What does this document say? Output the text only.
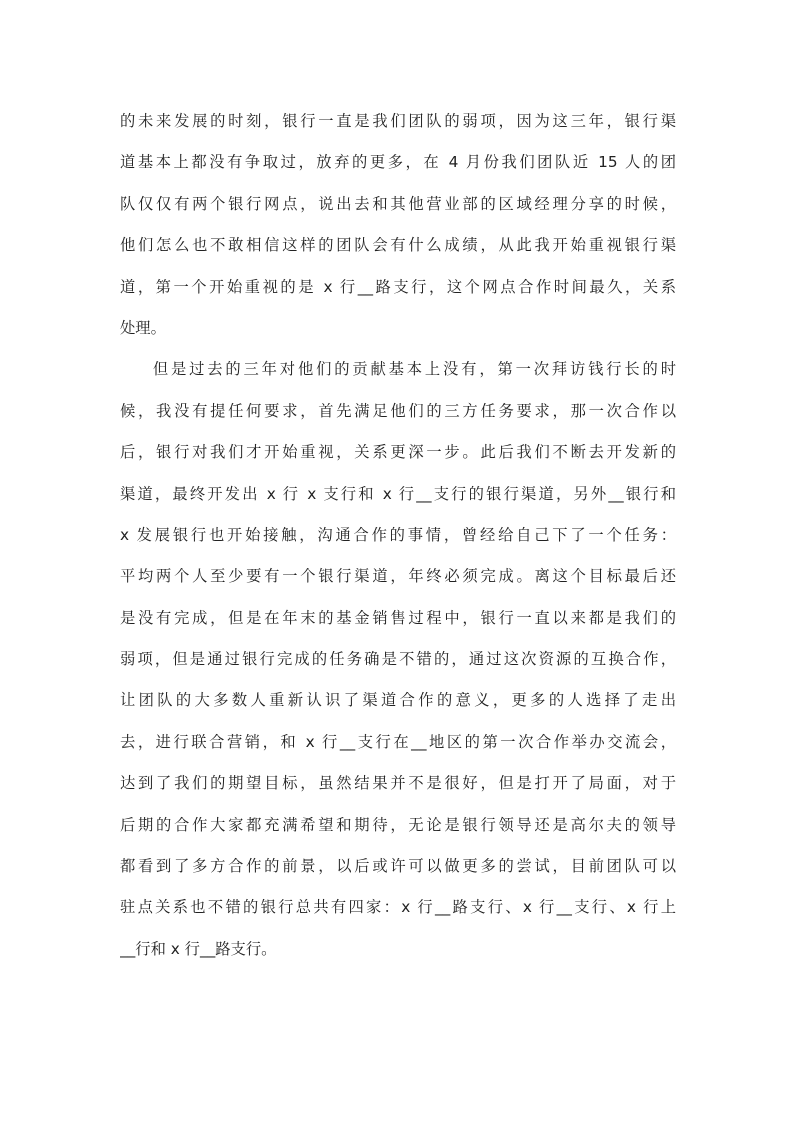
的未来发展的时刻，银行一直是我们团队的弱项，因为这三年，银行渠
道基本上都没有争取过，放弃的更多，在 4 月份我们团队近 15 人的团
队仅仅有两个银行网点，说出去和其他营业部的区域经理分享的时候，
他们怎么也不敢相信这样的团队会有什么成绩，从此我开始重视银行渠
道，第一个开始重视的是 x 行__路支行，这个网点合作时间最久，关系
处理。
但是过去的三年对他们的贡献基本上没有，第一次拜访钱行长的时
候，我没有提任何要求，首先满足他们的三方任务要求，那一次合作以
后，银行对我们才开始重视，关系更深一步。此后我们不断去开发新的
渠道，最终开发出 x 行 x 支行和 x 行__支行的银行渠道，另外__银行和
x 发展银行也开始接触，沟通合作的事情，曾经给自己下了一个任务：
平均两个人至少要有一个银行渠道，年终必须完成。离这个目标最后还
是没有完成，但是在年末的基金销售过程中，银行一直以来都是我们的
弱项，但是通过银行完成的任务确是不错的，通过这次资源的互换合作，
让团队的大多数人重新认识了渠道合作的意义，更多的人选择了走出
去，进行联合营销，和 x 行__支行在__地区的第一次合作举办交流会，
达到了我们的期望目标，虽然结果并不是很好，但是打开了局面，对于
后期的合作大家都充满希望和期待，无论是银行领导还是高尔夫的领导
都看到了多方合作的前景，以后或许可以做更多的尝试，目前团队可以
驻点关系也不错的银行总共有四家：x 行__路支行、x 行__支行、x 行上
__行和 x 行__路支行。
